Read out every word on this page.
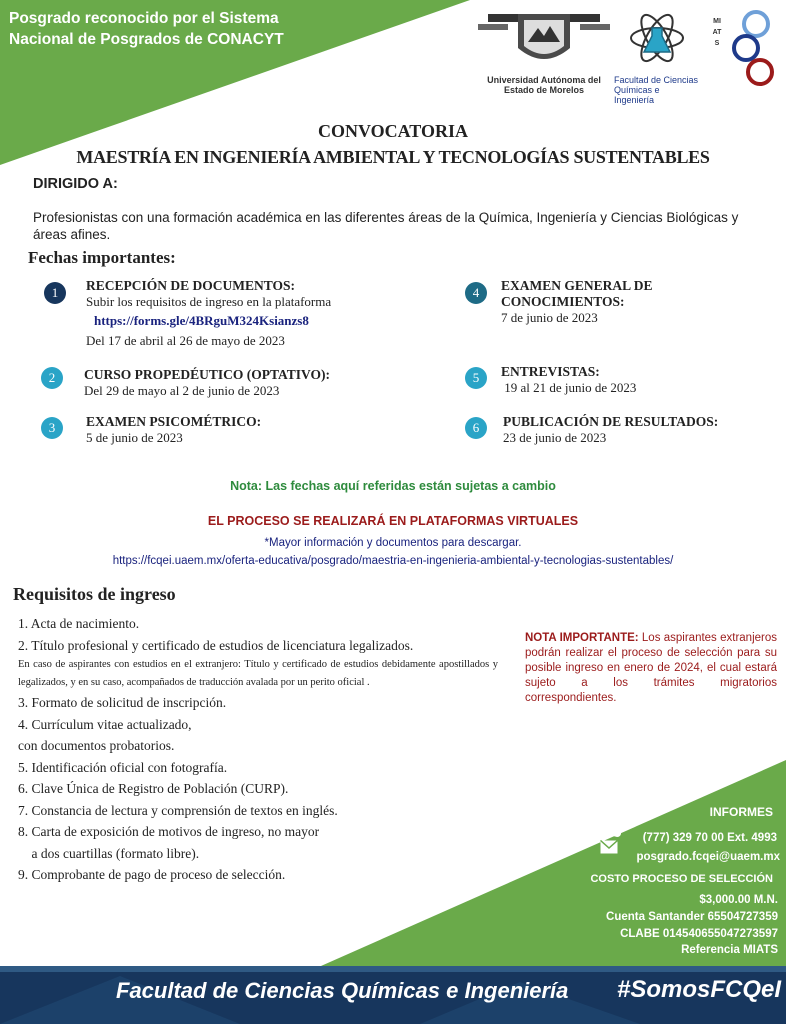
Posgrado reconocido por el Sistema
Nacional de Posgrados de CONACYT
Universidad Autónoma del
Estado de Morelos
Facultad de Ciencias
Químicas e Ingeniería
MIATS
CONVOCATORIA
MAESTRÍA EN INGENIERÍA AMBIENTAL Y TECNOLOGÍAS SUSTENTABLES
DIRIGIDO A:
Profesionistas con una formación académica en las diferentes áreas de la Química, Ingeniería y Ciencias Biológicas y áreas afines.
Fechas importantes:
1	RECEPCIÓN DE DOCUMENTOS:
Subir los requisitos de ingreso en la plataforma
https://forms.gle/4BRguM324Ksianzs8
Del 17 de abril al 26 de mayo de 2023
2	CURSO PROPEDÉUTICO (OPTATIVO):
Del 29 de mayo al 2 de junio de 2023
3	EXAMEN PSICOMÉTRICO:
5 de junio de 2023
4	EXAMEN GENERAL DE
CONOCIMIENTOS:
7 de junio de 2023
5	ENTREVISTAS:
19 al 21 de junio de 2023
6	PUBLICACIÓN DE RESULTADOS:
23 de junio de 2023
Nota: Las fechas aquí referidas están sujetas a cambio
EL PROCESO SE REALIZARÁ EN PLATAFORMAS VIRTUALES
*Mayor información y documentos para descargar.
https://fcqei.uaem.mx/oferta-educativa/posgrado/maestria-en-ingenieria-ambiental-y-tecnologias-sustentables/
Requisitos de ingreso
1. Acta de nacimiento.
2. Título profesional y certificado de estudios de licenciatura legalizados.
En caso de aspirantes con estudios en el extranjero: Título y certificado de estudios debidamente apostillados y legalizados, y en su caso, acompañados de traducción avalada por un perito oficial .
3. Formato de solicitud de inscripción.
4. Currículum vitae actualizado,
con documentos probatorios.
5. Identificación oficial con fotografía.
6. Clave Única de Registro de Población (CURP).
7. Constancia de lectura y comprensión de textos en inglés.
8. Carta de exposición de motivos de ingreso, no mayor
a dos cuartillas (formato libre).
9. Comprobante de pago de proceso de selección.
NOTA IMPORTANTE: Los aspirantes extranjeros podrán realizar el proceso de selección para su posible ingreso en enero de 2024, el cual estará sujeto a los trámites migratorios correspondientes.
INFORMES
(777) 329 70 00 Ext. 4993
posgrado.fcqei@uaem.mx
COSTO PROCESO DE SELECCIÓN
$3,000.00 M.N.
Cuenta Santander 65504727359
CLABE 014540655047273597
Referencia MIATS
Facultad de Ciencias Químicas e Ingeniería #SomosFCQeI
